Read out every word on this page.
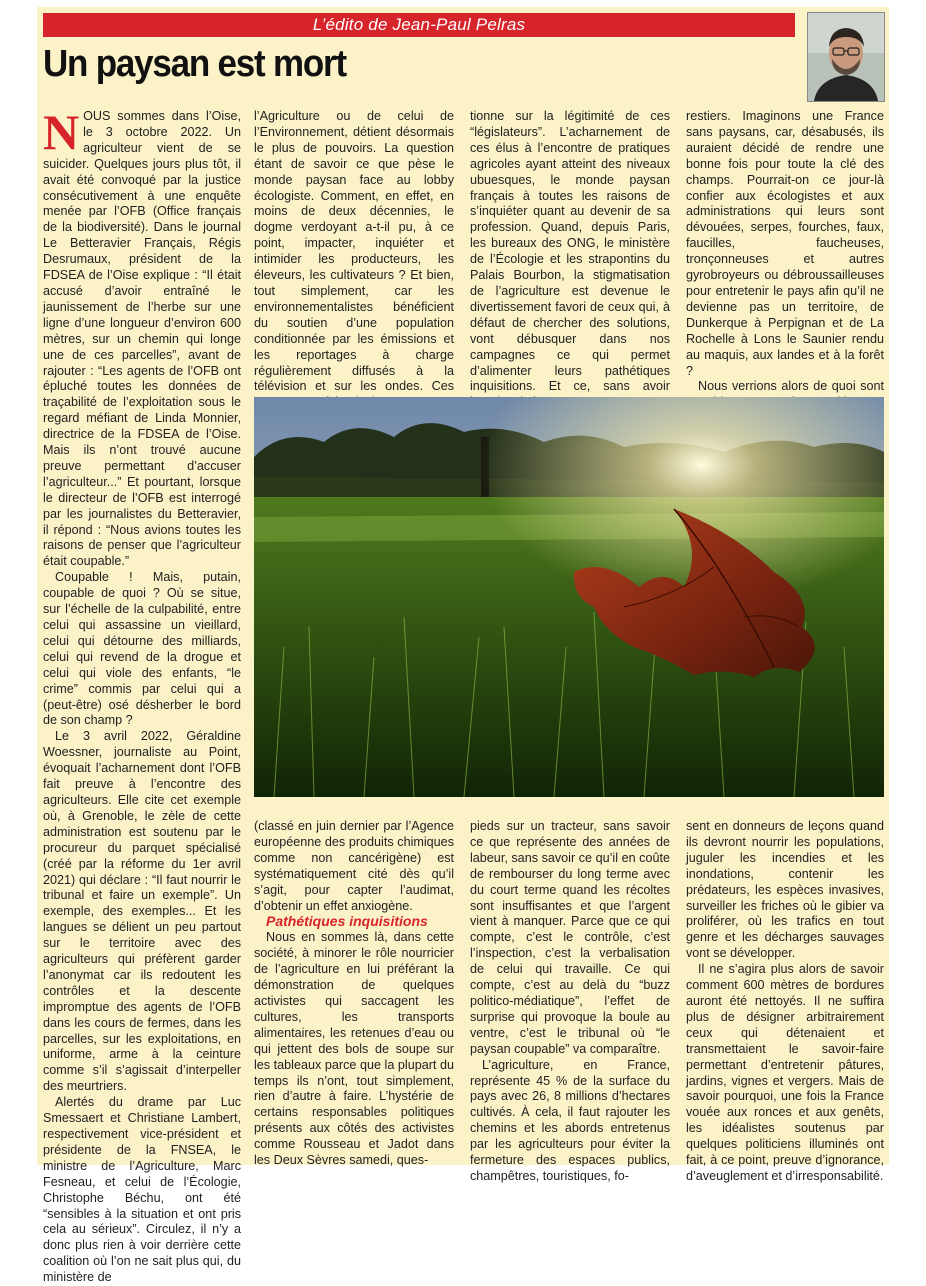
L’édito de Jean-Paul Pelras
Un paysan est mort

NOUS sommes dans l’Oise, le 3 octobre 2022. Un agriculteur vient de se suicider. Quelques jours plus tôt, il avait été convoqué par la justice consécutivement à une enquête menée par l’OFB (Office français de la biodiversité). Dans le journal Le Betteravier Français, Régis Desrumaux, président de la FDSEA de l’Oise explique : “Il était accusé d’avoir entraîné le jaunissement de l’herbe sur une ligne d’une longueur d’environ 600 mètres, sur un chemin qui longe une de ces parcelles”, avant de rajouter : “Les agents de l’OFB ont épluché toutes les données de traçabilité de l’exploitation sous le regard méfiant de Linda Monnier, directrice de la FDSEA de l’Oise. Mais ils n’ont trouvé aucune preuve permettant d’accuser l’agriculteur...” Et pourtant, lorsque le directeur de l’OFB est interrogé par les journalistes du Betteravier, il répond : “Nous avions toutes les raisons de penser que l’agriculteur était coupable.”

Coupable ! Mais, putain, coupable de quoi ? Où se situe, sur l’échelle de la culpabilité, entre celui qui assassine un vieillard, celui qui détourne des milliards, celui qui revend de la drogue et celui qui viole des enfants, “le crime” commis par celui qui a (peut-être) osé désherber le bord de son champ ?

Le 3 avril 2022, Géraldine Woessner, journaliste au Point, évoquait l’acharnement dont l’OFB fait preuve à l’encontre des agriculteurs. Elle cite cet exemple où, à Grenoble, le zèle de cette administration est soutenu par le procureur du parquet spécialisé (créé par la réforme du 1er avril 2021) qui déclare : “Il faut nourrir le tribunal et faire un exemple”. Un exemple, des exemples... Et les langues se délient un peu partout sur le territoire avec des agriculteurs qui préfèrent garder l’anonymat car ils redoutent les contrôles et la descente impromptue des agents de l’OFB dans les cours de fermes, dans les parcelles, sur les exploitations, en uniforme, arme à la ceinture comme s’il s’agissait d’interpeller des meurtriers.

Alertés du drame par Luc Smessaert et Christiane Lambert, respectivement vice-président et présidente de la FNSEA, le ministre de l’Agriculture, Marc Fesneau, et celui de l’Écologie, Christophe Béchu, ont été “sensibles à la situation et ont pris cela au sérieux”. Circulez, il n’y a donc plus rien à voir derrière cette coalition où l’on ne sait plus qui, du ministère de

l’Agriculture ou de celui de l’Environnement, détient désormais le plus de pouvoirs. La question étant de savoir ce que pèse le monde paysan face au lobby écologiste. Comment, en effet, en moins de deux décennies, le dogme verdoyant a-t-il pu, à ce point, impacter, inquiéter et intimider les producteurs, les éleveurs, les cultivateurs ? Et bien, tout simplement, car les environnementalistes bénéficient du soutien d’une population conditionnée par les émissions et les reportages à charge régulièrement diffusés à la télévision et sur les ondes. Ces

tionne sur la légitimité de ces “législateurs”. L’acharnement de ces élus à l’encontre de pratiques agricoles ayant atteint des niveaux ubuesques, le monde paysan français à toutes les raisons de s’inquiéter quant au devenir de sa profession. Quand, depuis Paris, les bureaux des ONG, le ministère de l’Écologie et les strapontins du Palais Bourbon, la stigmatisation de l’agriculture est devenue le divertissement favori de ceux qui, à défaut de chercher des solutions, vont débusquer dans nos campagnes ce qui permet d’alimenter leurs pathétiques inquisitions. Et ce, sans avoir

restiers. Imaginons une France sans paysans, car, désabusés, ils auraient décidé de rendre une bonne fois pour toute la clé des champs. Pourrait-on ce jour-là confier aux écologistes et aux administrations qui leurs sont dévouées, serpes, fourches, faux, faucilles, faucheuses, tronçonneuses et autres gyrobroyeurs ou débroussailleuses pour entretenir le pays afin qu’il ne devienne pas un territoire, de Dunkerque à Perpignan et de La Rochelle à Lons le Saunier rendu au maquis, aux landes et à la forêt ?

Nous verrions alors de quoi sont

(classé en juin dernier par l’Agence européenne des produits chimiques comme non cancérigène) est systématiquement cité dès qu’il s’agit, pour capter l’audimat, d’obtenir un effet anxiogène.

Pathétiques inquisitions

Nous en sommes là, dans cette société, à minorer le rôle nourricier de l’agriculture en lui préférant la démonstration de quelques activistes qui saccagent les cultures, les transports alimentaires, les retenues d’eau ou qui jettent des bols de soupe sur les tableaux parce que la plupart du temps ils n’ont, tout simplement, rien d’autre à faire. L’hystérie de certains responsables politiques présents aux côtés des activistes comme Rousseau et Jadot dans les Deux Sèvres samedi, ques-

pieds sur un tracteur, sans savoir ce que représente des années de labeur, sans savoir ce qu’il en coûte de rembourser du long terme avec du court terme quand les récoltes sont insuffisantes et que l’argent vient à manquer. Parce que ce qui compte, c’est le contrôle, c’est l’inspection, c’est la verbalisation de celui qui travaille. Ce qui compte, c’est au delà du “buzz politico-médiatique”, l’effet de surprise qui provoque la boule au ventre, c’est le tribunal où “le paysan coupable” va comparaître.

L’agriculture, en France, représente 45 % de la surface du pays avec 26, 8 millions d’hectares cultivés. À cela, il faut rajouter les chemins et les abords entretenus par les agriculteurs pour éviter la fermeture des espaces publics, champêtres, touristiques, fo-

sent en donneurs de leçons quand ils devront nourrir les populations, juguler les incendies et les inondations, contenir les prédateurs, les espèces invasives, surveiller les friches où le gibier va proliférer, où les trafics en tout genre et les décharges sauvages vont se développer.

Il ne s’agira plus alors de savoir comment 600 mètres de bordures auront été nettoyés. Il ne suffira plus de désigner arbitrairement ceux qui détenaient et transmettaient le savoir-faire permettant d’entretenir pâtures, jardins, vignes et vergers. Mais de savoir pourquoi, une fois la France vouée aux ronces et aux genêts, les idéalistes soutenus par quelques politiciens illuminés ont fait, à ce point, preuve d’ignorance, d’aveuglement et d’irresponsabilité.
